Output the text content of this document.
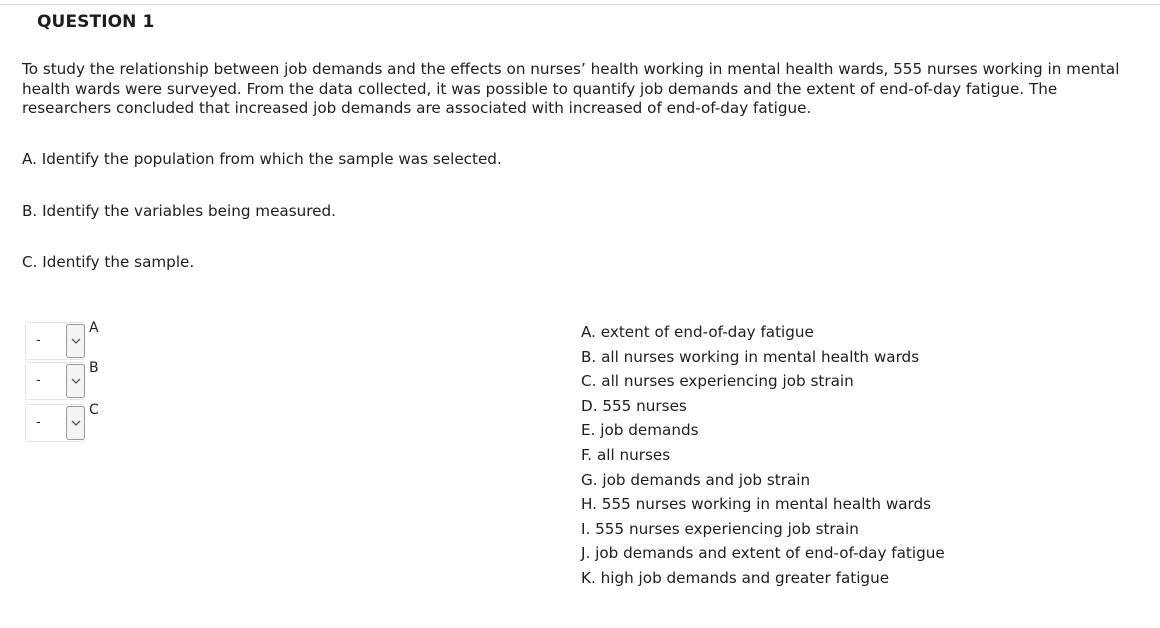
QUESTION 1
To study the relationship between job demands and the effects on nurses’ health working in mental health wards, 555 nurses working in mental
health wards were surveyed. From the data collected, it was possible to quantify job demands and the extent of end-of-day fatigue. The
researchers concluded that increased job demands are associated with increased of end-of-day fatigue.
A. Identify the population from which the sample was selected.
B. Identify the variables being measured.
C. Identify the sample.
-
A
-
B
-
C
A. extent of end-of-day fatigue
B. all nurses working in mental health wards
C. all nurses experiencing job strain
D. 555 nurses
E. job demands
F. all nurses
G. job demands and job strain
H. 555 nurses working in mental health wards
I. 555 nurses experiencing job strain
J. job demands and extent of end-of-day fatigue
K. high job demands and greater fatigue
